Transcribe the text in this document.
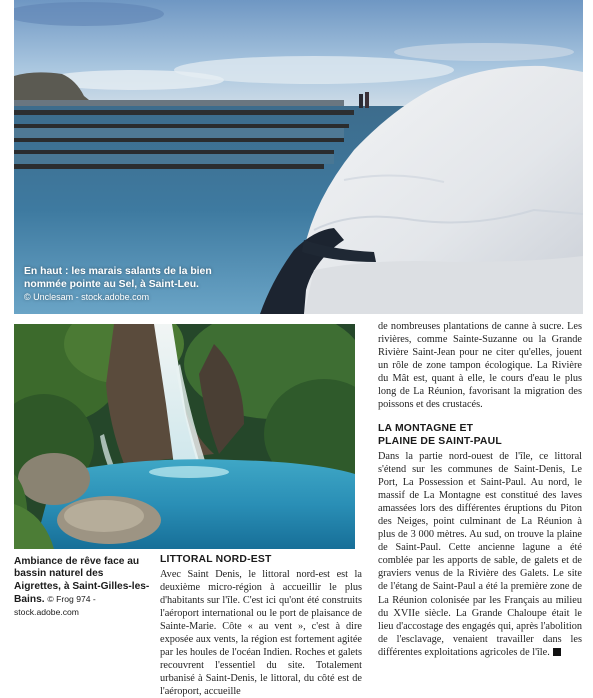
En haut : les marais salants de la bien nommée pointe au Sel, à Saint-Leu.
© Unclesam - stock.adobe.com
Ambiance de rêve face au bassin naturel des Aigrettes, à Saint-Gilles-les-Bains. © Frog 974 - stock.adobe.com
LITTORAL NORD-EST

Avec Saint Denis, le littoral nord-est est la deuxième micro-région à accueillir le plus d'habitants sur l'île. C'est ici qu'ont été construits l'aéroport international ou le port de plaisance de Sainte-Marie. Côte « au vent », c'est à dire exposée aux vents, la région est fortement agitée par les houles de l'océan Indien. Roches et galets recouvrent l'essentiel du site. Totalement urbanisé à Saint-Denis, le littoral, du côté est de l'aéroport, accueille

de nombreuses plantations de canne à sucre. Les rivières, comme Sainte-Suzanne ou la Grande Rivière Saint-Jean pour ne citer qu'elles, jouent un rôle de zone tampon écologique. La Rivière du Mât est, quant à elle, le cours d'eau le plus long de La Réunion, favorisant la migration des poissons et des crustacés.

LA MONTAGNE ET
PLAINE DE SAINT-PAUL

Dans la partie nord-ouest de l'île, ce littoral s'étend sur les communes de Saint-Denis, Le Port, La Possession et Saint-Paul. Au nord, le massif de La Montagne est constitué des laves amassées lors des différentes éruptions du Piton des Neiges, point culminant de La Réunion à plus de 3 000 mètres. Au sud, on trouve la plaine de Saint-Paul. Cette ancienne lagune a été comblée par les apports de sable, de galets et de graviers venus de la Rivière des Galets. Le site de l'étang de Saint-Paul a été la première zone de La Réunion colonisée par les Français au milieu du XVIIe siècle. La Grande Chaloupe était le lieu d'accostage des engagés qui, après l'abolition de l'esclavage, venaient travailler dans les différentes exploitations agricoles de l'île.
